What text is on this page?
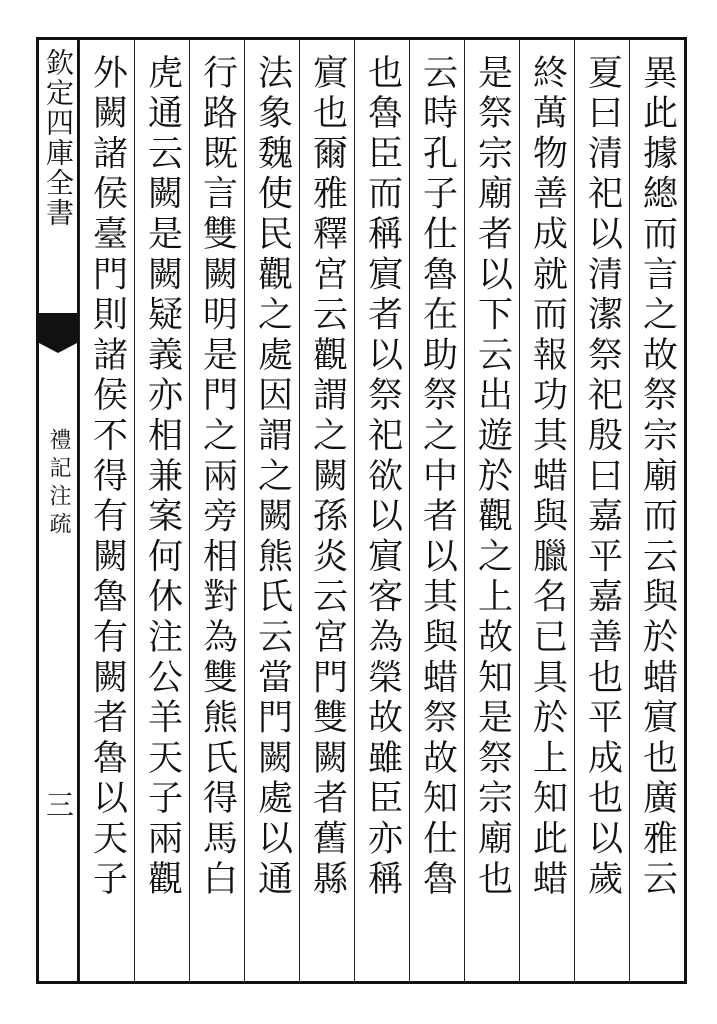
欽定四庫全書
禮記注疏
三	異此據總而言之故祭宗廟而云與於蜡賔也廣雅云
夏曰清祀以清潔祭祀殷曰嘉平嘉善也平成也以歲
終萬物善成就而報功其蜡與臘名已具於上知此蜡
是祭宗廟者以下云出遊於觀之上故知是祭宗廟也
云時孔子仕魯在助祭之中者以其與蜡祭故知仕魯
也魯臣而稱賔者以祭祀欲以賔客為榮故雖臣亦稱
賔也爾雅釋宮云觀謂之闕孫炎云宮門雙闕者舊縣
法象魏使民觀之處因謂之闕熊氏云當門闕處以通
行路既言雙闕明是門之兩旁相對為雙熊氏得馬白
虎通云闕是闕疑義亦相兼案何休注公羊天子兩觀
外闕諸侯臺門則諸侯不得有闕魯有闕者魯以天子
